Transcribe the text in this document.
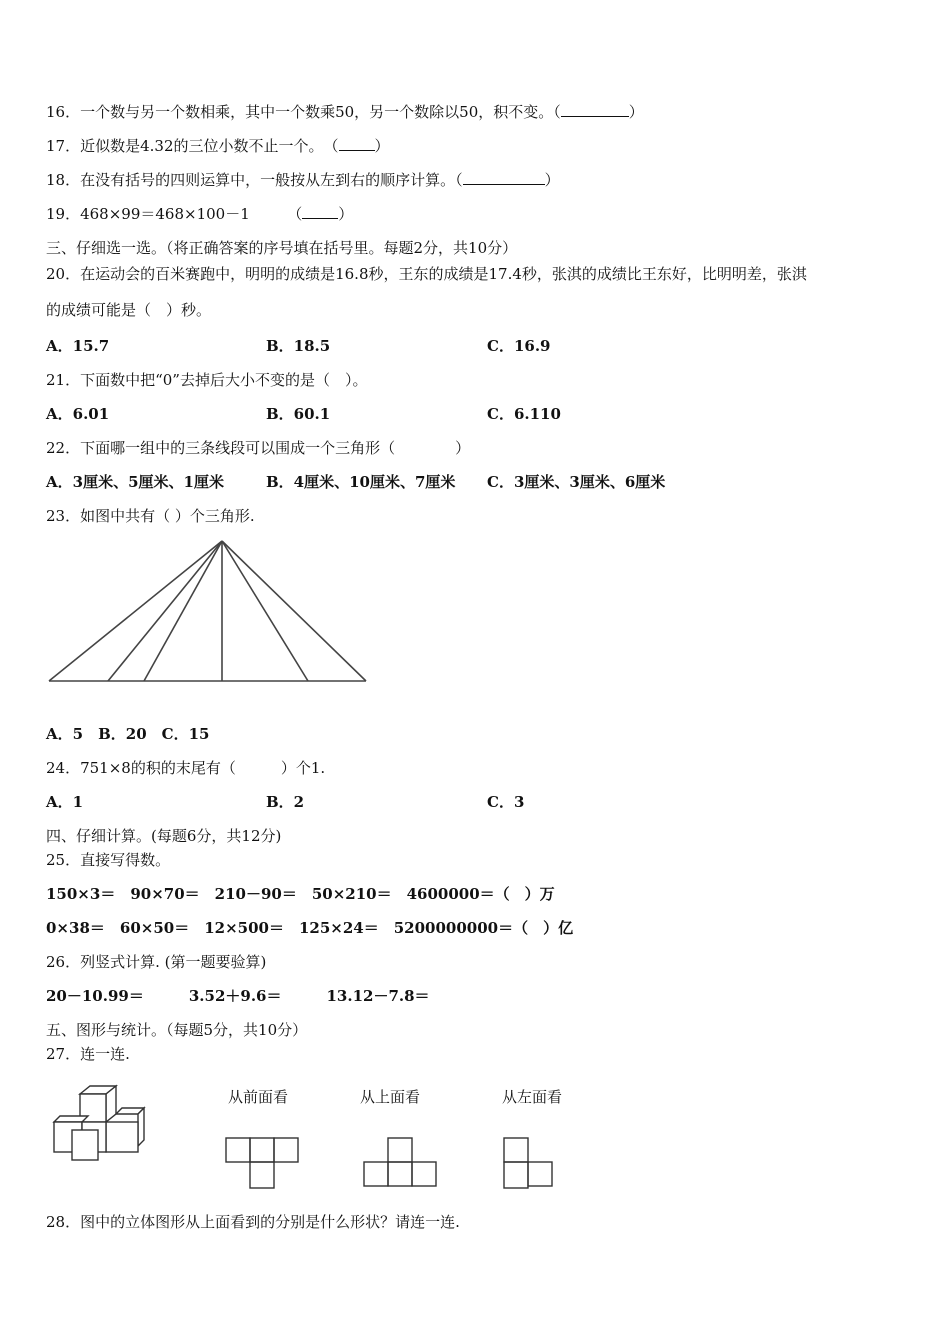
16．一个数与另一个数相乘，其中一个数乘50，另一个数除以50，积不变。（	）
17．近似数是4.32的三位小数不止一个。　（ ）
18．在没有括号的四则运算中，一般按从左到右的顺序计算。（	）
19．468×99＝468×100－1　　　（ ）
三、仔细选一选。（将正确答案的序号填在括号里。每题2分，共10分）
20．在运动会的百米赛跑中，明明的成绩是16.8秒，王东的成绩是17.4秒，张淇的成绩比王东好，比明明差，张淇
的成绩可能是（　）秒。
A．15.7	B．18.5	C．16.9
21．下面数中把“0”去掉后大小不变的是（　）。
A．6.01	B．60.1	C．6.110
22．下面哪一组中的三条线段可以围成一个三角形（　　　　）
A．3厘米、5厘米、1厘米	B．4厘米、10厘米、7厘米 C．3厘米、3厘米、6厘米
23．如图中共有（ ）个三角形.
A．5　B．20　C．15
24．751×8的积的末尾有（　　　）个1.
A．1	B．2	C．3
四、仔细计算。(每题6分，共12分)
25．直接写得数。
150×3＝　90×70＝　210－90＝　50×210＝　4600000＝（　）万
0×38＝　60×50＝　12×500＝　125×24＝　5200000000＝（　）亿
26．列竖式计算. (第一题要验算)
20－10.99＝　　　3.52＋9.6＝　　　13.12－7.8＝
五、图形与统计。（每题5分，共10分）
27．连一连.
从前面看	从上面看	从左面看
28．图中的立体图形从上面看到的分别是什么形状？请连一连.
